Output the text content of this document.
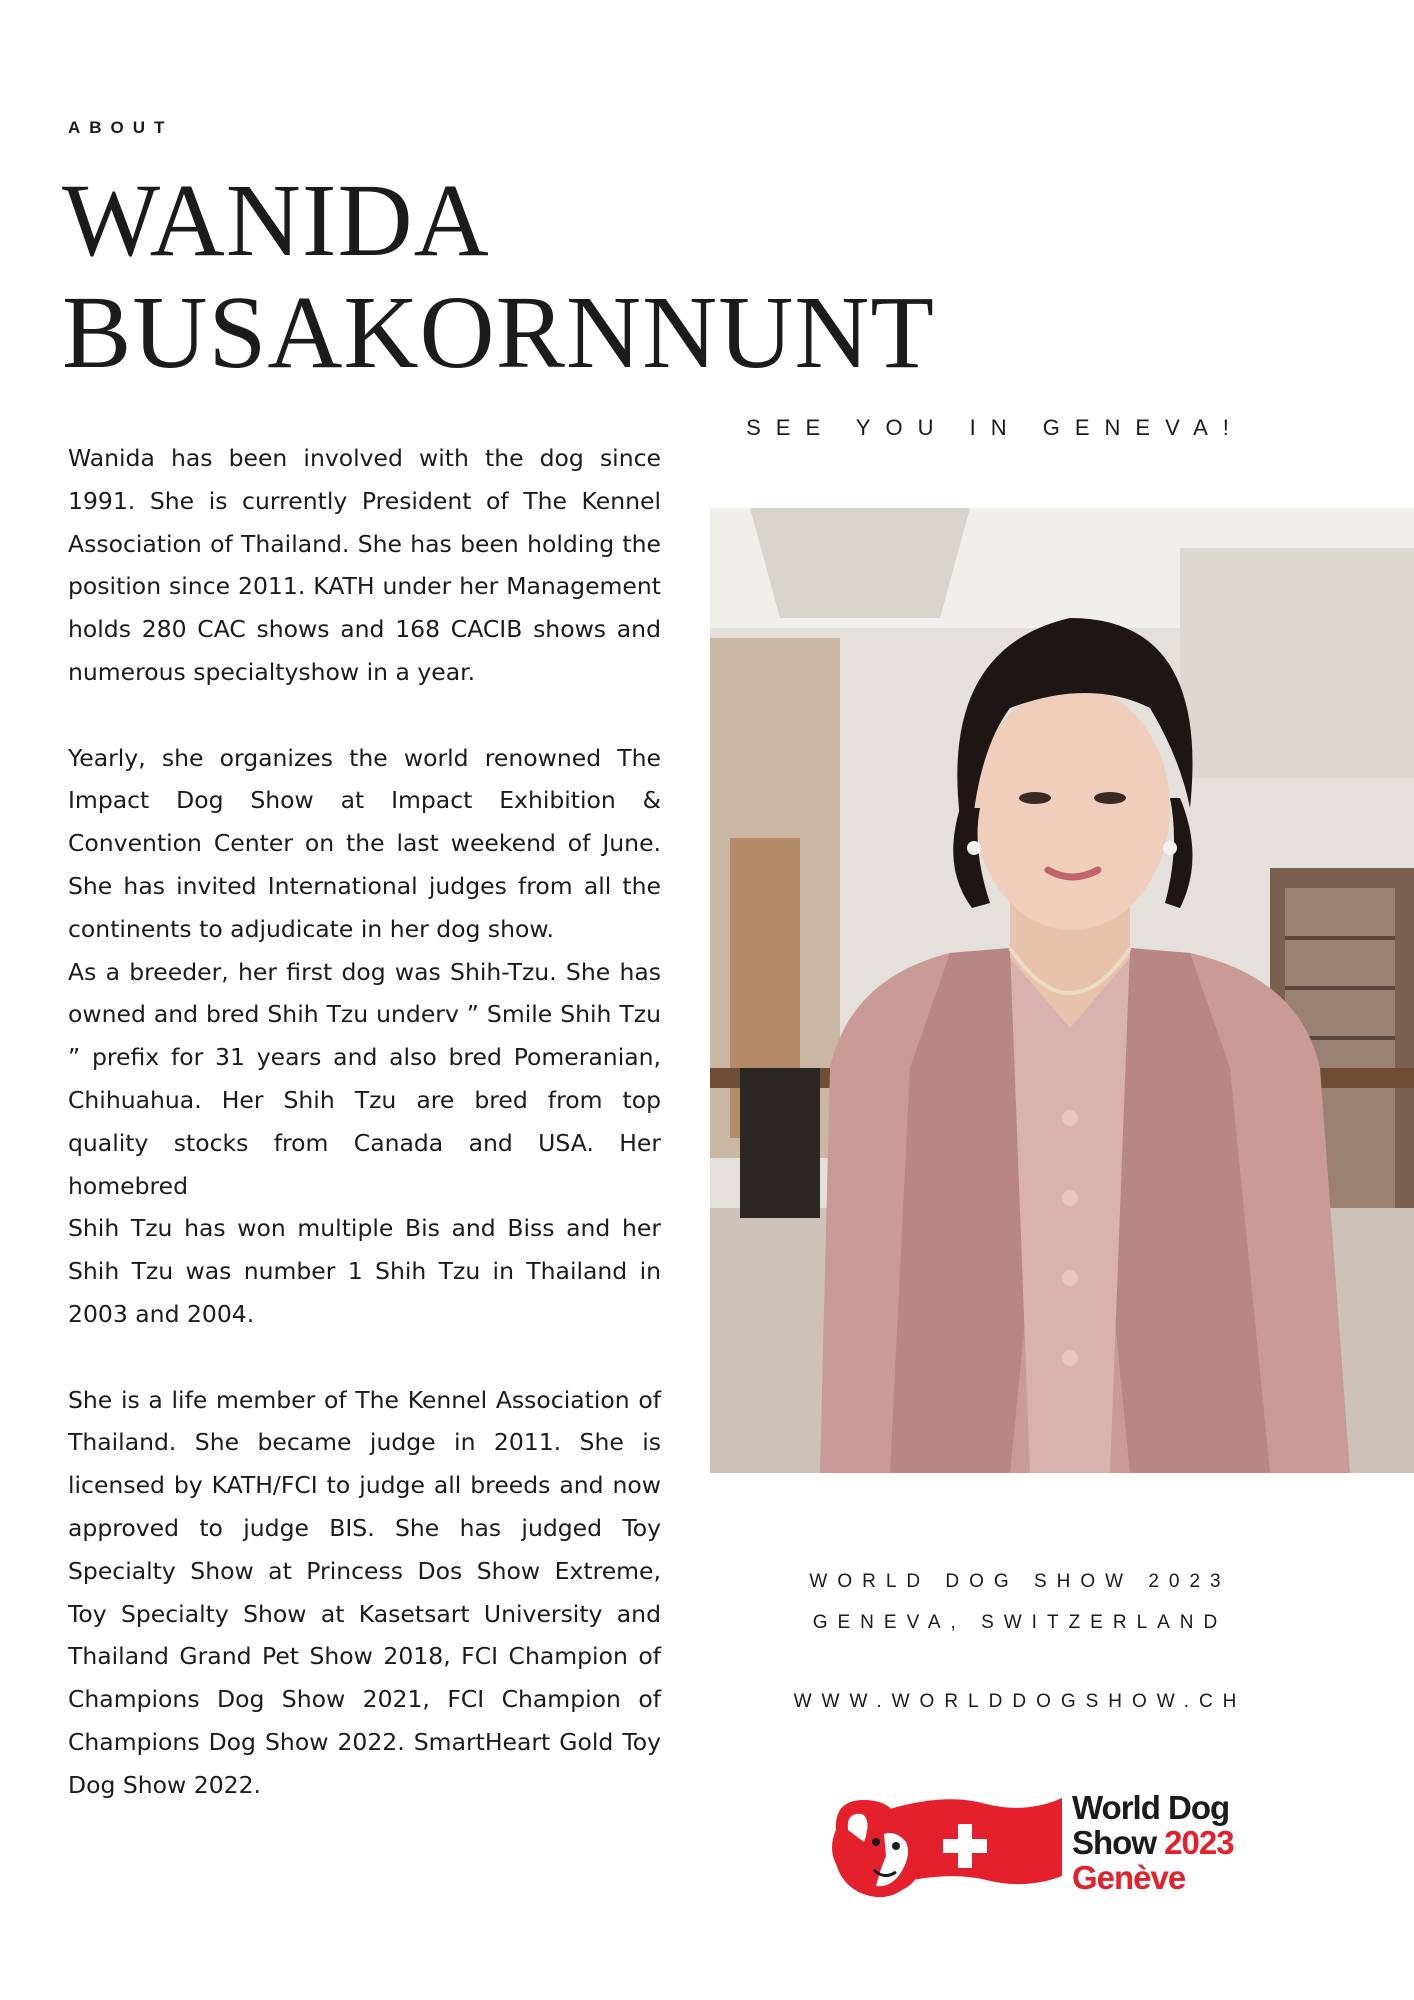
ABOUT
WANIDA
BUSAKORNNUNT

Wanida has been involved with the dog since 1991. She is currently President of The Kennel Association of Thailand. She has been holding the position since 2011. KATH under her Management holds 280 CAC shows and 168 CACIB shows and numerous specialtyshow in a year.

Yearly, she organizes the world renowned The Impact Dog Show at Impact Exhibition & Convention Center on the last weekend of June. She has invited International judges from all the continents to adjudicate in her dog show.

As a breeder, her first dog was Shih-Tzu. She has owned and bred Shih Tzu underv ” Smile Shih Tzu ” prefix for 31 years and also bred Pomeranian, Chihuahua. Her Shih Tzu are bred from top quality stocks from Canada and USA. Her homebred

Shih Tzu has won multiple Bis and Biss and her Shih Tzu was number 1 Shih Tzu in Thailand in 2003 and 2004.

She is a life member of The Kennel Association of Thailand. She became judge in 2011. She is licensed by KATH/FCI to judge all breeds and now approved to judge BIS. She has judged Toy Specialty Show at Princess Dos Show Extreme, Toy Specialty Show at Kasetsart University and Thailand Grand Pet Show 2018, FCI Champion of Champions Dog Show 2021, FCI Champion of Champions Dog Show 2022. SmartHeart Gold Toy Dog Show 2022.

SEE YOU IN GENEVA!
WORLD DOG SHOW 2023
GENEVA, SWITZERLAND
WWW.WORLDDOGSHOW.CH
World Dog
Show 2023
Genève
